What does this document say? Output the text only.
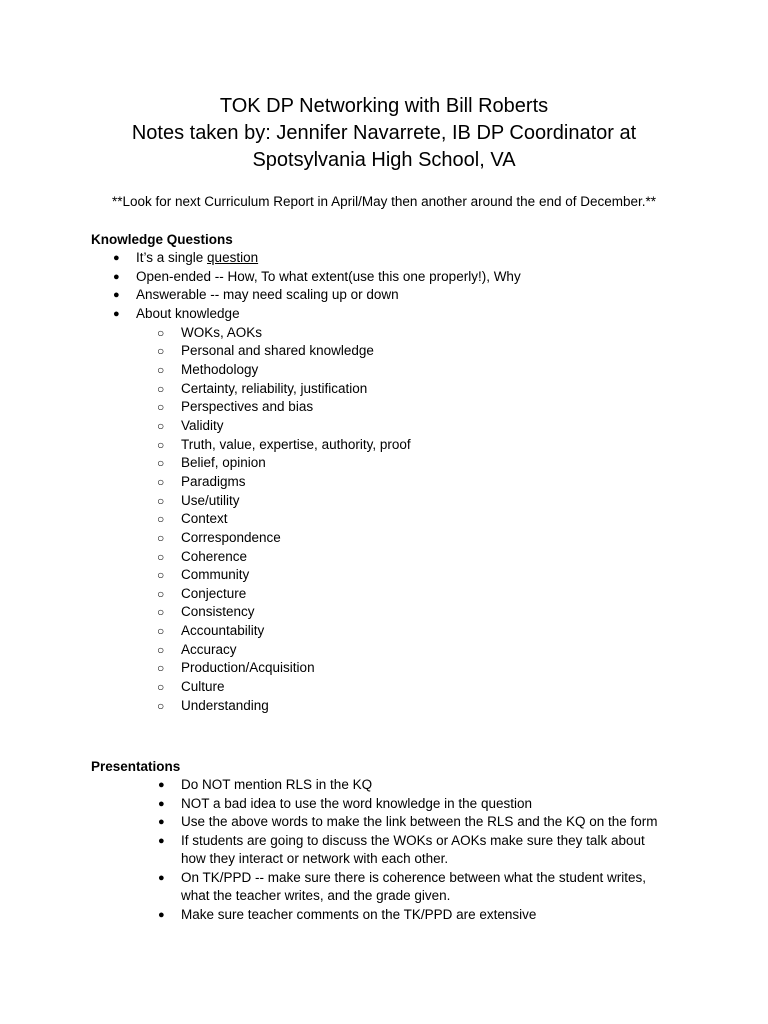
TOK DP Networking with Bill Roberts
Notes taken by: Jennifer Navarrete, IB DP Coordinator at
Spotsylvania High School, VA
**Look for next Curriculum Report in April/May then another around the end of December.**
Knowledge Questions
● It’s a single question
● Open-ended -- How, To what extent(use this one properly!), Why
● Answerable -- may need scaling up or down
● About knowledge
○ WOKs, AOKs
○ Personal and shared knowledge
○ Methodology
○ Certainty, reliability, justification
○ Perspectives and bias
○ Validity
○ Truth, value, expertise, authority, proof
○ Belief, opinion
○ Paradigms
○ Use/utility
○ Context
○ Correspondence
○ Coherence
○ Community
○ Conjecture
○ Consistency
○ Accountability
○ Accuracy
○ Production/Acquisition
○ Culture
○ Understanding
Presentations
● Do NOT mention RLS in the KQ
● NOT a bad idea to use the word knowledge in the question
● Use the above words to make the link between the RLS and the KQ on the form
● If students are going to discuss the WOKs or AOKs make sure they talk about how they interact or network with each other.
● On TK/PPD -- make sure there is coherence between what the student writes, what the teacher writes, and the grade given.
● Make sure teacher comments on the TK/PPD are extensive
